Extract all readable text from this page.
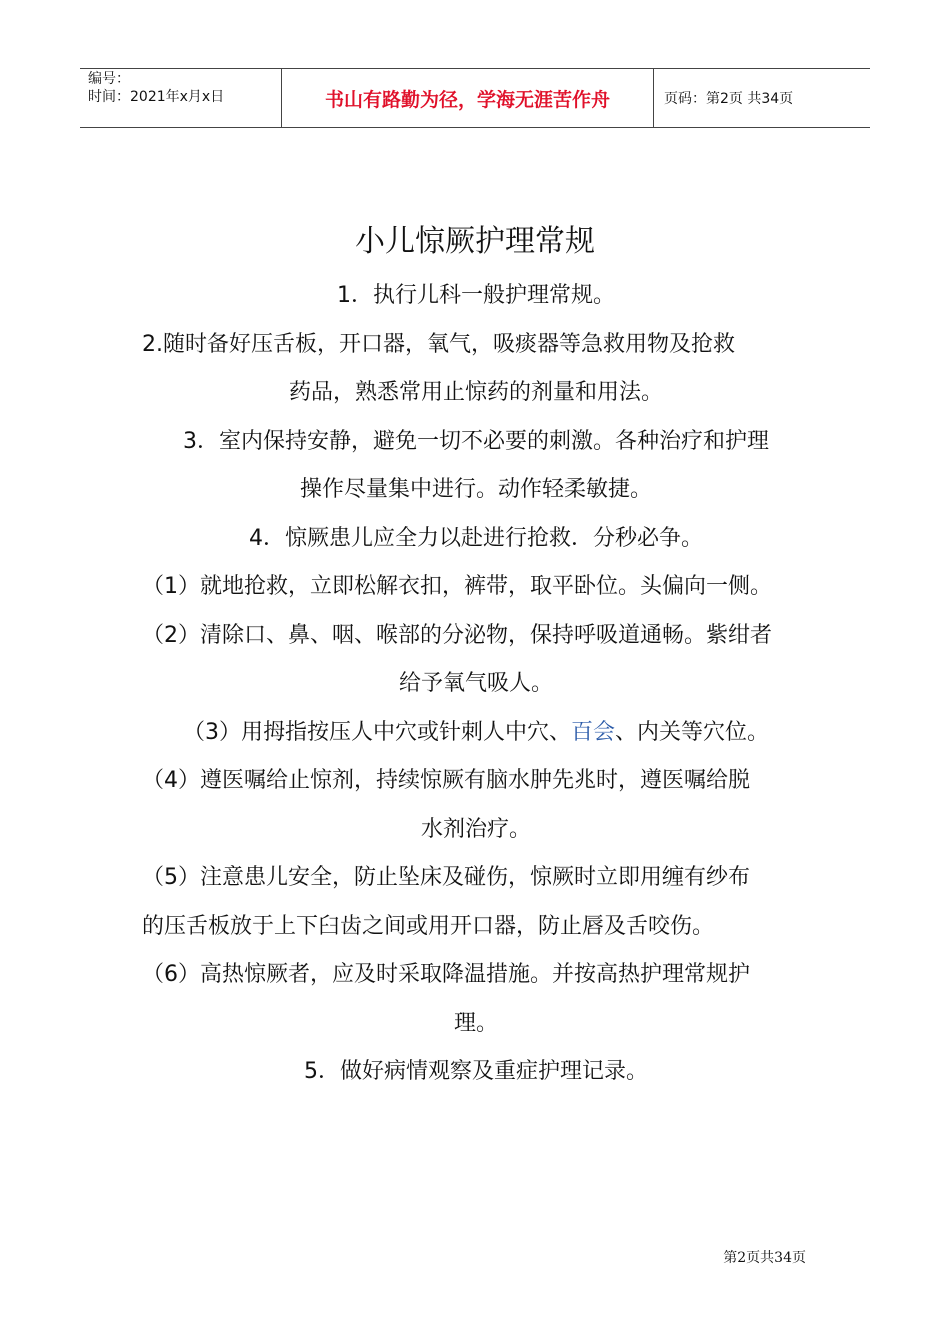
编号：
时间：2021年x月x日	书山有路勤为径，学海无涯苦作舟	页码：第2页 共34页
小儿惊厥护理常规
1．执行儿科一般护理常规。
2.随时备好压舌板，开口器，氧气，吸痰器等急救用物及抢救
药品，熟悉常用止惊药的剂量和用法。
3．室内保持安静，避免一切不必要的刺激。各种治疗和护理
操作尽量集中进行。动作轻柔敏捷。
4．惊厥患儿应全力以赴进行抢救．分秒必争。
（1）就地抢救，立即松解衣扣，裤带，取平卧位。头偏向一侧。
（2）清除口、鼻、咽、喉部的分泌物，保持呼吸道通畅。紫绀者
给予氧气吸人。
（3）用拇指按压人中穴或针刺人中穴、百会、内关等穴位。
（4）遵医嘱给止惊剂，持续惊厥有脑水肿先兆时，遵医嘱给脱
水剂治疗。
（5）注意患儿安全，防止坠床及碰伤，惊厥时立即用缠有纱布
的压舌板放于上下臼齿之间或用开口器，防止唇及舌咬伤。
（6）高热惊厥者，应及时采取降温措施。并按高热护理常规护
理。
5．做好病情观察及重症护理记录。
第2页共34页
